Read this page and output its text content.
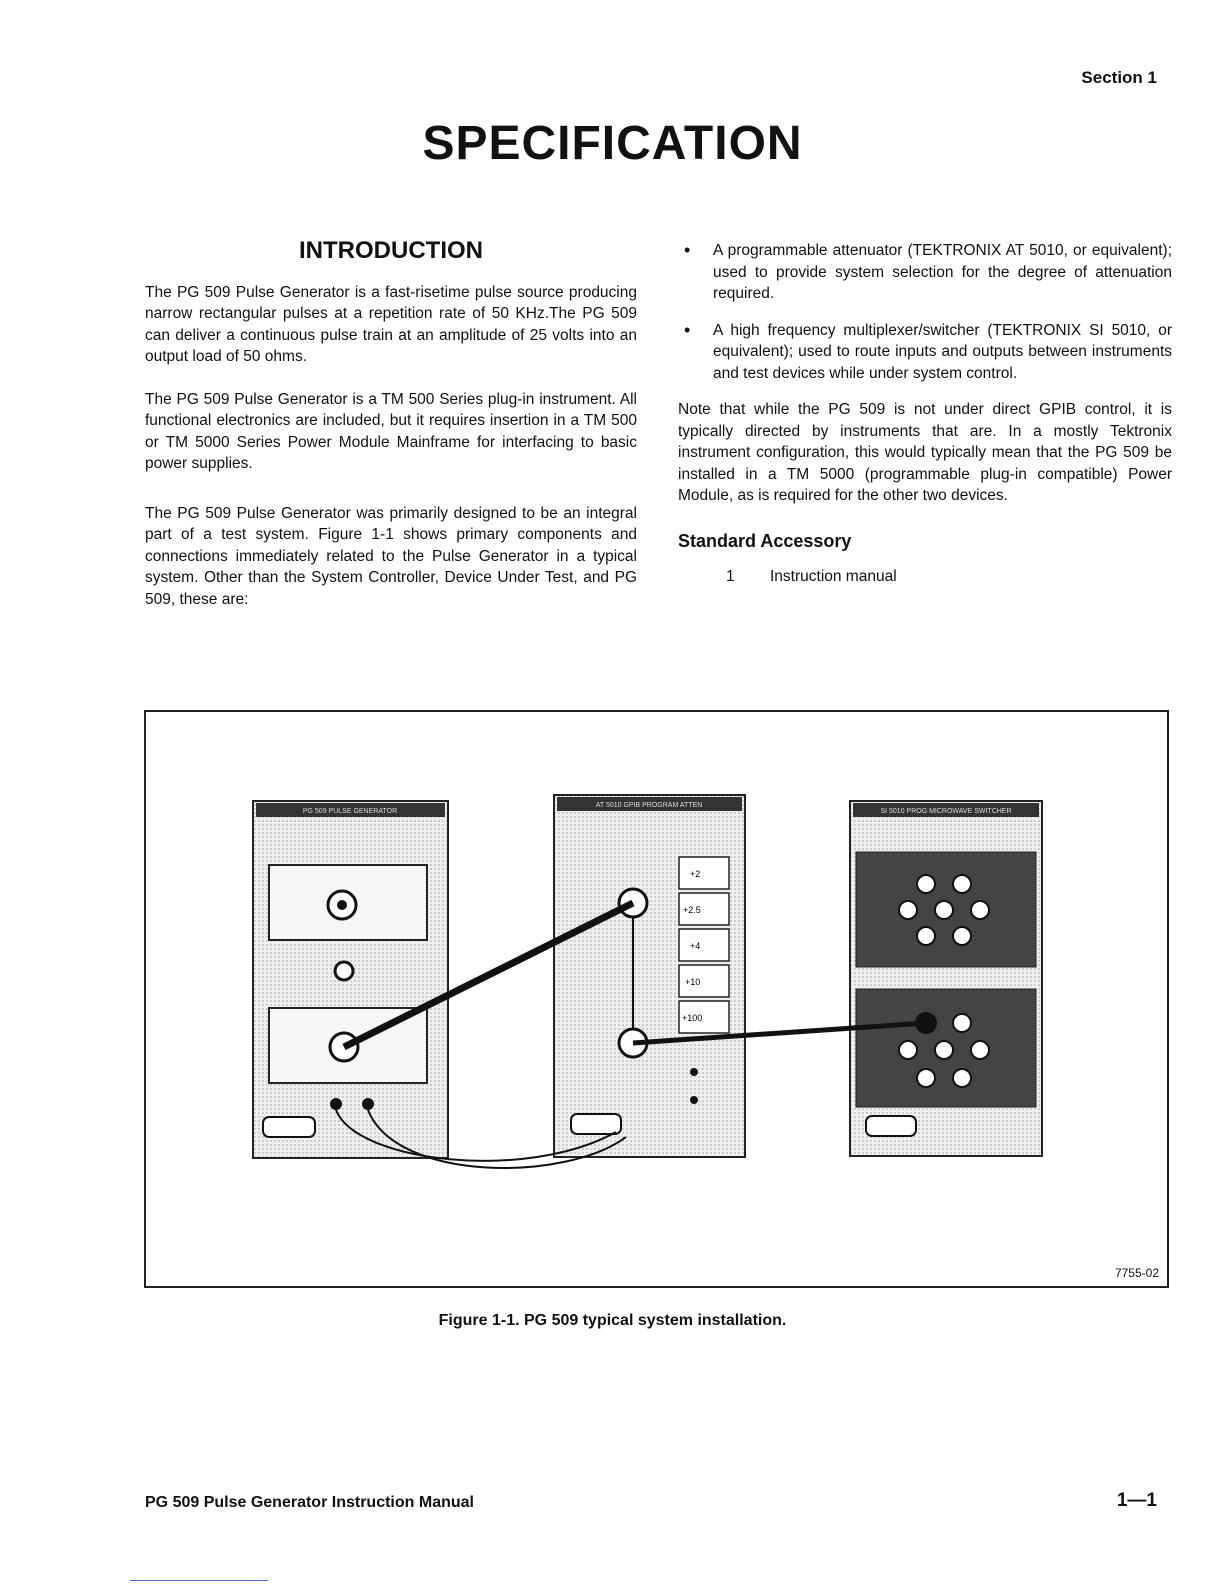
Section 1
SPECIFICATION
INTRODUCTION

The PG 509 Pulse Generator is a fast-risetime pulse source producing narrow rectangular pulses at a repetition rate of 50 KHz.The PG 509 can deliver a continuous pulse train at an amplitude of 25 volts into an output load of 50 ohms.

The PG 509 Pulse Generator is a TM 500 Series plug-in instrument. All functional electronics are included, but it requires insertion in a TM 500 or TM 5000 Series Power Module Mainframe for interfacing to basic power supplies.

The PG 509 Pulse Generator was primarily designed to be an integral part of a test system. Figure 1-1 shows primary components and connections immediately related to the Pulse Generator in a typical system. Other than the System Controller, Device Under Test, and PG 509, these are:

• A programmable attenuator (TEKTRONIX AT 5010, or equivalent); used to provide system selection for the degree of attenuation required.
• A high frequency multiplexer/switcher (TEKTRONIX SI 5010, or equivalent); used to route inputs and outputs between instruments and test devices while under system control.

Note that while the PG 509 is not under direct GPIB control, it is typically directed by instruments that are. In a mostly Tektronix instrument configuration, this would typically mean that the PG 509 be installed in a TM 5000 (programmable plug-in compatible) Power Module, as is required for the other two devices.

Standard Accessory
1 Instruction manual
PG 509 PULSE GENERATOR
AT 5010 GPIB PROGRAM ATTEN
+2
+2.5
+4
+10
+100
SI 5010 PROG MICROWAVE SWITCHER
7755-02
Figure 1-1. PG 509 typical system installation.
PG 509 Pulse Generator Instruction Manual	1—1
